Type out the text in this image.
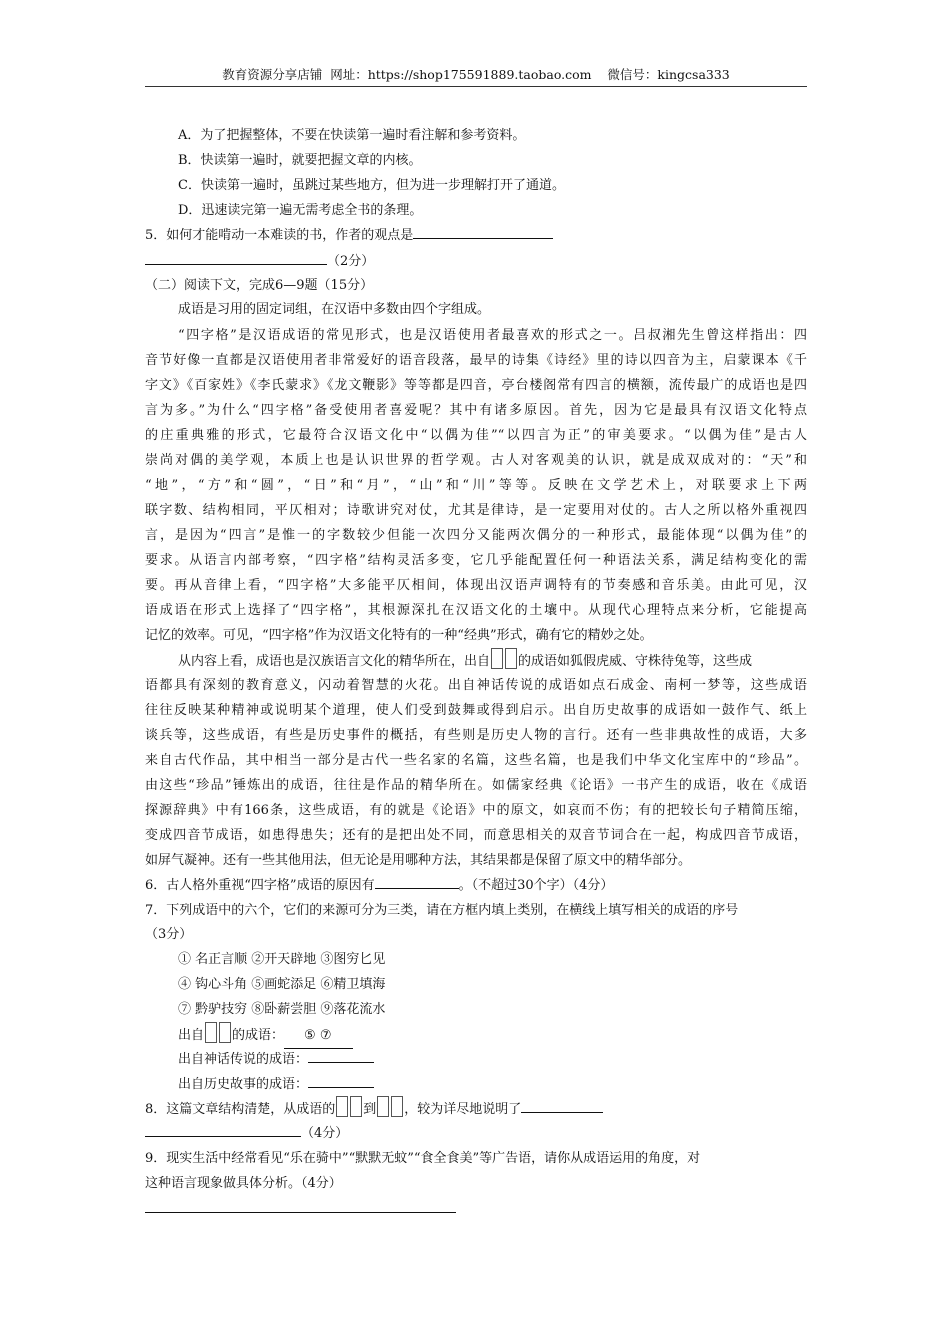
教育资源分享店铺 网址：https://shop175591889.taobao.com 微信号：kingcsa333
A．为了把握整体，不要在快读第一遍时看注解和参考资料。
B．快读第一遍时，就要把握文章的内核。
C．快读第一遍时，虽跳过某些地方，但为进一步理解打开了通道。
D．迅速读完第一遍无需考虑全书的条理。
5．如何才能啃动一本难读的书，作者的观点是
（2分）
（二）阅读下文，完成6—9题（15分）
成语是习用的固定词组，在汉语中多数由四个字组成。
“四字格”是汉语成语的常见形式，也是汉语使用者最喜欢的形式之一。吕叔湘先生曾这样指出：四
音节好像一直都是汉语使用者非常爱好的语音段落，最早的诗集《诗经》里的诗以四音为主，启蒙课本《千
字文》《百家姓》《李氏蒙求》《龙文鞭影》等等都是四音，亭台楼阁常有四言的横额，流传最广的成语也是四
言为多。”为什么“四字格”备受使用者喜爱呢？其中有诸多原因。首先，因为它是最具有汉语文化特点
的庄重典雅的形式，它最符合汉语文化中“以偶为佳”“以四言为正”的审美要求。“以偶为佳”是古人
崇尚对偶的美学观，本质上也是认识世界的哲学观。古人对客观美的认识，就是成双成对的：“天”和
“地”，“方”和“圆”，“日”和“月”，“山”和“川”等等。反映在文学艺术上，对联要求上下两
联字数、结构相同，平仄相对；诗歌讲究对仗，尤其是律诗，是一定要用对仗的。古人之所以格外重视四
言，是因为“四言”是惟一的字数较少但能一次四分又能两次偶分的一种形式，最能体现“以偶为佳”的
要求。从语言内部考察，“四字格”结构灵活多变，它几乎能配置任何一种语法关系，满足结构变化的需
要。再从音律上看，“四字格”大多能平仄相间，体现出汉语声调特有的节奏感和音乐美。由此可见，汉
语成语在形式上选择了“四字格”，其根源深扎在汉语文化的土壤中。从现代心理特点来分析，它能提高
记忆的效率。可见，“四字格”作为汉语文化特有的一种“经典”形式，确有它的精妙之处。
从内容上看，成语也是汉族语言文化的精华所在，出自 的成语如狐假虎威、守株待兔等，这些成
语都具有深刻的教育意义，闪动着智慧的火花。出自神话传说的成语如点石成金、南柯一梦等，这些成语
往往反映某种精神或说明某个道理，使人们受到鼓舞或得到启示。出自历史故事的成语如一鼓作气、纸上
谈兵等，这些成语，有些是历史事件的概括，有些则是历史人物的言行。还有一些非典故性的成语，大多
来自古代作品，其中相当一部分是古代一些名家的名篇，这些名篇，也是我们中华文化宝库中的“珍品”。
由这些“珍品”锤炼出的成语，往往是作品的精华所在。如儒家经典《论语》一书产生的成语，收在《成语
探源辞典》中有166条，这些成语，有的就是《论语》中的原文，如哀而不伤；有的把较长句子精简压缩，
变成四音节成语，如患得患失；还有的是把出处不同，而意思相关的双音节词合在一起，构成四音节成语，
如屏气凝神。还有一些其他用法，但无论是用哪种方法，其结果都是保留了原文中的精华部分。
6．古人格外重视“四字格”成语的原因有	。（不超过30个字）（4分）
7．下列成语中的六个，它们的来源可分为三类，请在方框内填上类别，在横线上填写相关的成语的序号
（3分）
① 名正言顺 ②开天辟地 ③图穷匕见
④ 钩心斗角 ⑤画蛇添足 ⑥精卫填海
⑦ 黔驴技穷 ⑧卧薪尝胆 ⑨落花流水
出自 的成语： ⑤ ⑦
出自神话传说的成语：
出自历史故事的成语：
8．这篇文章结构清楚，从成语的 到 ，较为详尽地说明了
（4分）
9．现实生活中经常看见“乐在骑中”“默默无蚊”“食全食美”等广告语，请你从成语运用的角度，对
这种语言现象做具体分析。（4分）
